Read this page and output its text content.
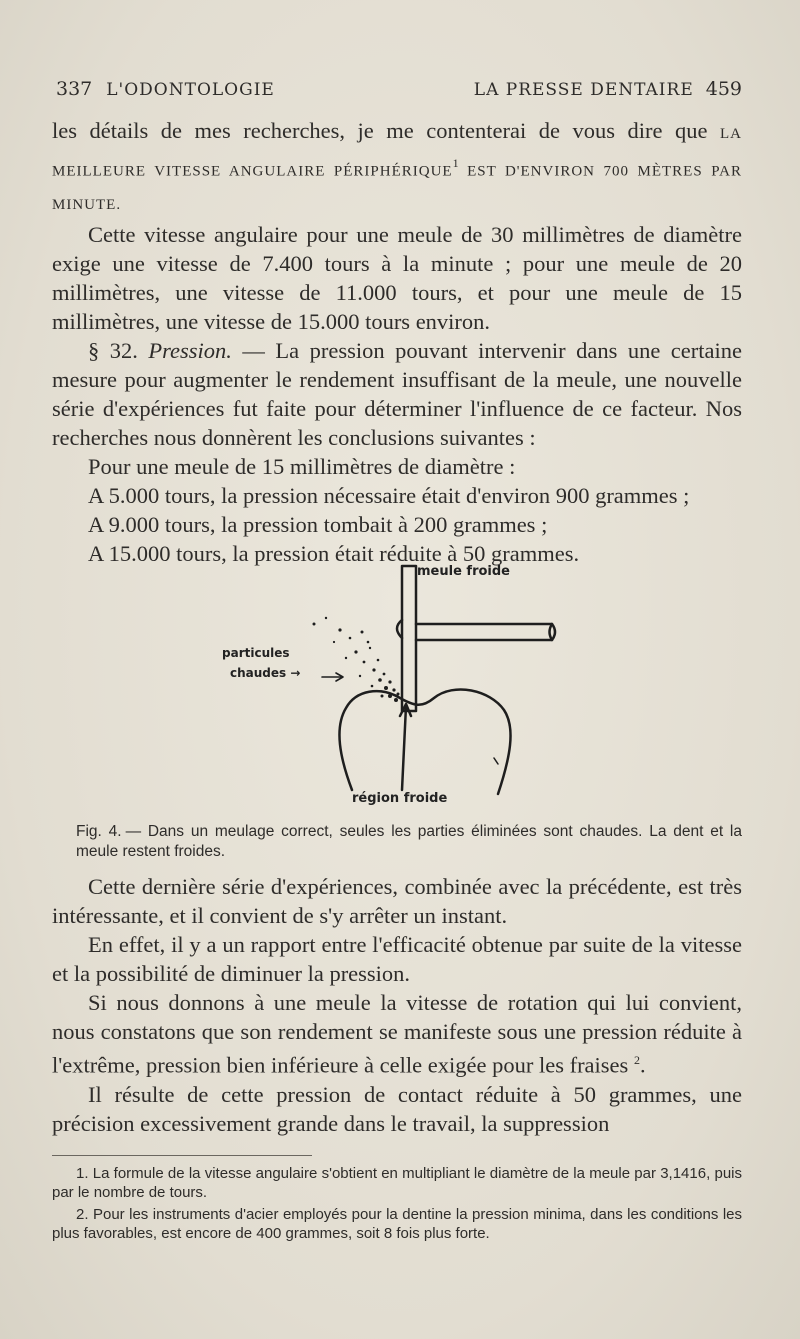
337 L'ODONTOLOGIE	LA PRESSE DENTAIRE 459

les détails de mes recherches, je me contenterai de vous dire que LA MEILLEURE VITESSE ANGULAIRE PÉRIPHÉRIQUE$^1$ EST D'ENVIRON 700 MÈTRES PAR MINUTE.

Cette vitesse angulaire pour une meule de 30 millimètres de diamètre exige une vitesse de 7.400 tours à la minute ; pour une meule de 20 millimètres, une vitesse de 11.000 tours, et pour une meule de 15 millimètres, une vitesse de 15.000 tours environ.

§ 32. Pression. — La pression pouvant intervenir dans une certaine mesure pour augmenter le rendement insuffisant de la meule, une nouvelle série d'expériences fut faite pour déterminer l'influence de ce facteur. Nos recherches nous donnèrent les conclusions suivantes :

Pour une meule de 15 millimètres de diamètre :
A 5.000 tours, la pression nécessaire était d'environ 900 grammes ;
A 9.000 tours, la pression tombait à 200 grammes ;
A 15.000 tours, la pression était réduite à 50 grammes.
meule froide
particules
chaudes →
région froide
Fig. 4. — Dans un meulage correct, seules les parties éliminées sont chaudes. La dent et la meule restent froides.

Cette dernière série d'expériences, combinée avec la précédente, est très intéressante, et il convient de s'y arrêter un instant.

En effet, il y a un rapport entre l'efficacité obtenue par suite de la vitesse et la possibilité de diminuer la pression.

Si nous donnons à une meule la vitesse de rotation qui lui convient, nous constatons que son rendement se manifeste sous une pression réduite à l'extrême, pression bien inférieure à celle exigée pour les fraises $^2$.

Il résulte de cette pression de contact réduite à 50 grammes, une précision excessivement grande dans le travail, la suppression

1. La formule de la vitesse angulaire s'obtient en multipliant le diamètre de la meule par 3,1416, puis par le nombre de tours.

2. Pour les instruments d'acier employés pour la dentine la pression minima, dans les conditions les plus favorables, est encore de 400 grammes, soit 8 fois plus forte.
